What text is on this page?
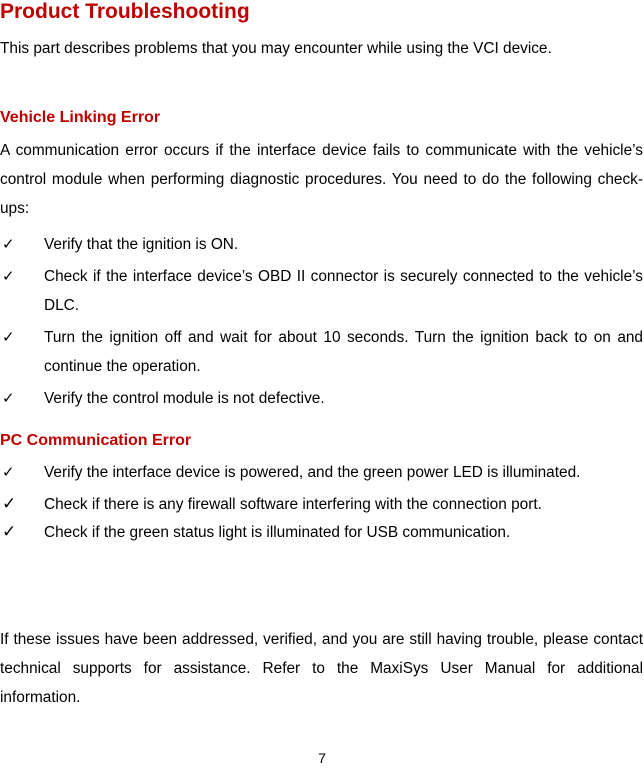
Product Troubleshooting

This part describes problems that you may encounter while using the VCI device.

Vehicle Linking Error

A communication error occurs if the interface device fails to communicate with the vehicle’s control module when performing diagnostic procedures. You need to do the following check-ups:

✓ Verify that the ignition is ON.
✓ Check if the interface device’s OBD II connector is securely connected to the vehicle’s DLC.
✓ Turn the ignition off and wait for about 10 seconds. Turn the ignition back to on and continue the operation.
✓ Verify the control module is not defective.
PC Communication Error
✓ Verify the interface device is powered, and the green power LED is illuminated.
✓ Check if there is any firewall software interfering with the connection port.
✓ Check if the green status light is illuminated for USB communication.

If these issues have been addressed, verified, and you are still having trouble, please contact technical supports for assistance. Refer to the MaxiSys User Manual for additional information.

7
